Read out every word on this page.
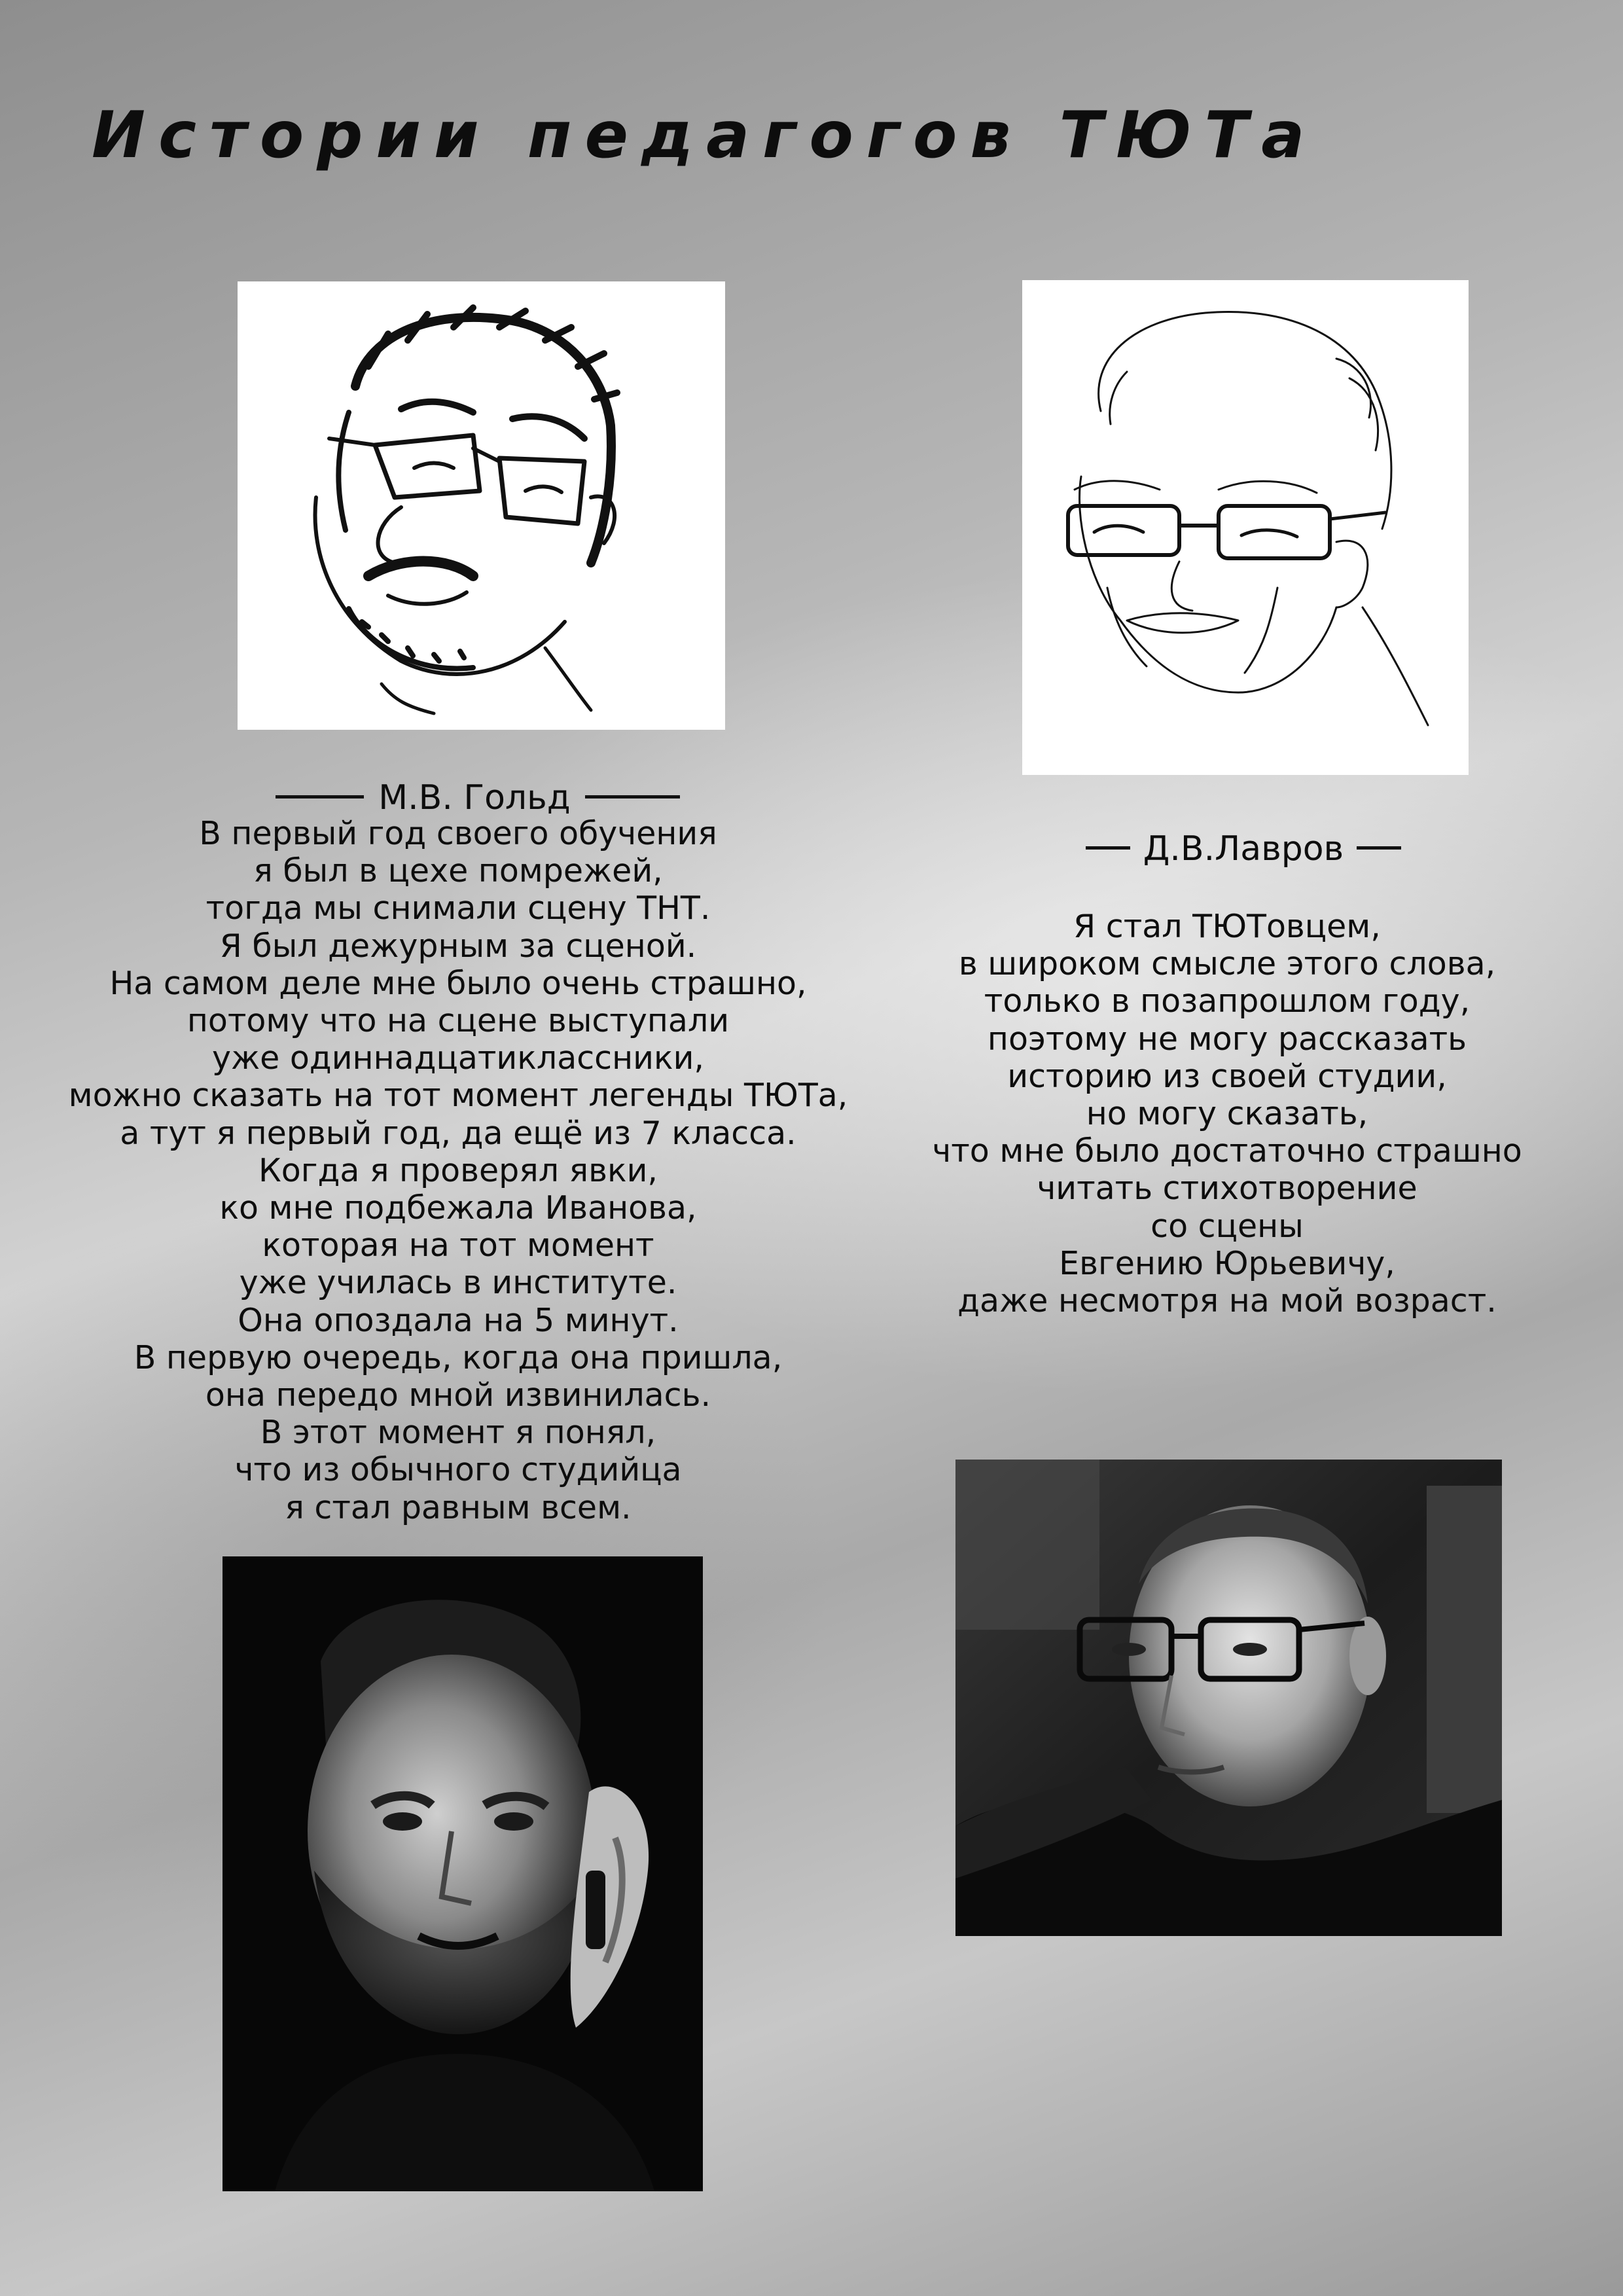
Истории педагогов ТЮТа
М.В. Гольд
В первый год своего обучения
я был в цехе помрежей,
тогда мы снимали сцену ТНТ.
Я был дежурным за сценой.
На самом деле мне было очень страшно,
потому что на сцене выступали
уже одиннадцатиклассники,
можно сказать на тот момент легенды ТЮТа,
а тут я первый год, да ещё из 7 класса.
Когда я проверял явки,
ко мне подбежала Иванова,
которая на тот момент
уже училась в институте.
Она опоздала на 5 минут.
В первую очередь, когда она пришла,
она передо мной извинилась.
В этот момент я понял,
что из обычного студийца
я стал равным всем.
Д.В.Лавров
Я стал ТЮТовцем,
в широком смысле этого слова,
только в позапрошлом году,
поэтому не могу рассказать
историю из своей студии,
но могу сказать,
что мне было достаточно страшно
читать стихотворение
со сцены
Евгению Юрьевичу,
даже несмотря на мой возраст.
